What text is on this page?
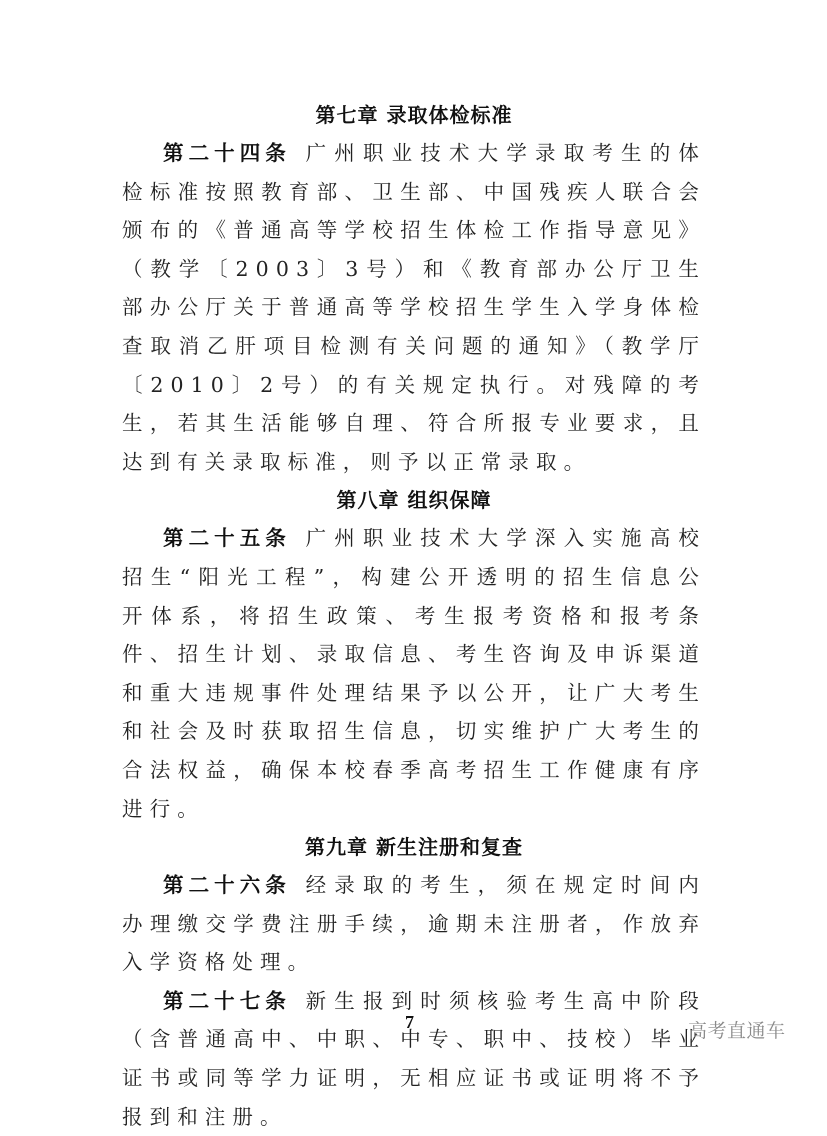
第七章 录取体检标准

第二十四条 广州职业技术大学录取考生的体检标准按照教育部、卫生部、中国残疾人联合会颁布的《普通高等学校招生体检工作指导意见》（教学〔2003〕3号）和《教育部办公厅卫生部办公厅关于普通高等学校招生学生入学身体检查取消乙肝项目检测有关问题的通知》（教学厅〔2010〕2号）的有关规定执行。对残障的考生，若其生活能够自理、符合所报专业要求，且达到有关录取标准，则予以正常录取。

第八章 组织保障

第二十五条 广州职业技术大学深入实施高校招生“阳光工程”，构建公开透明的招生信息公开体系，将招生政策、考生报考资格和报考条件、招生计划、录取信息、考生咨询及申诉渠道和重大违规事件处理结果予以公开，让广大考生和社会及时获取招生信息，切实维护广大考生的合法权益，确保本校春季高考招生工作健康有序进行。

第九章 新生注册和复查

第二十六条 经录取的考生，须在规定时间内办理缴交学费注册手续，逾期未注册者，作放弃入学资格处理。

第二十七条 新生报到时须核验考生高中阶段（含普通高中、中职、中专、职中、技校）毕业证书或同等学力证明，无相应证书或证明将不予报到和注册。

7	高考直通车
